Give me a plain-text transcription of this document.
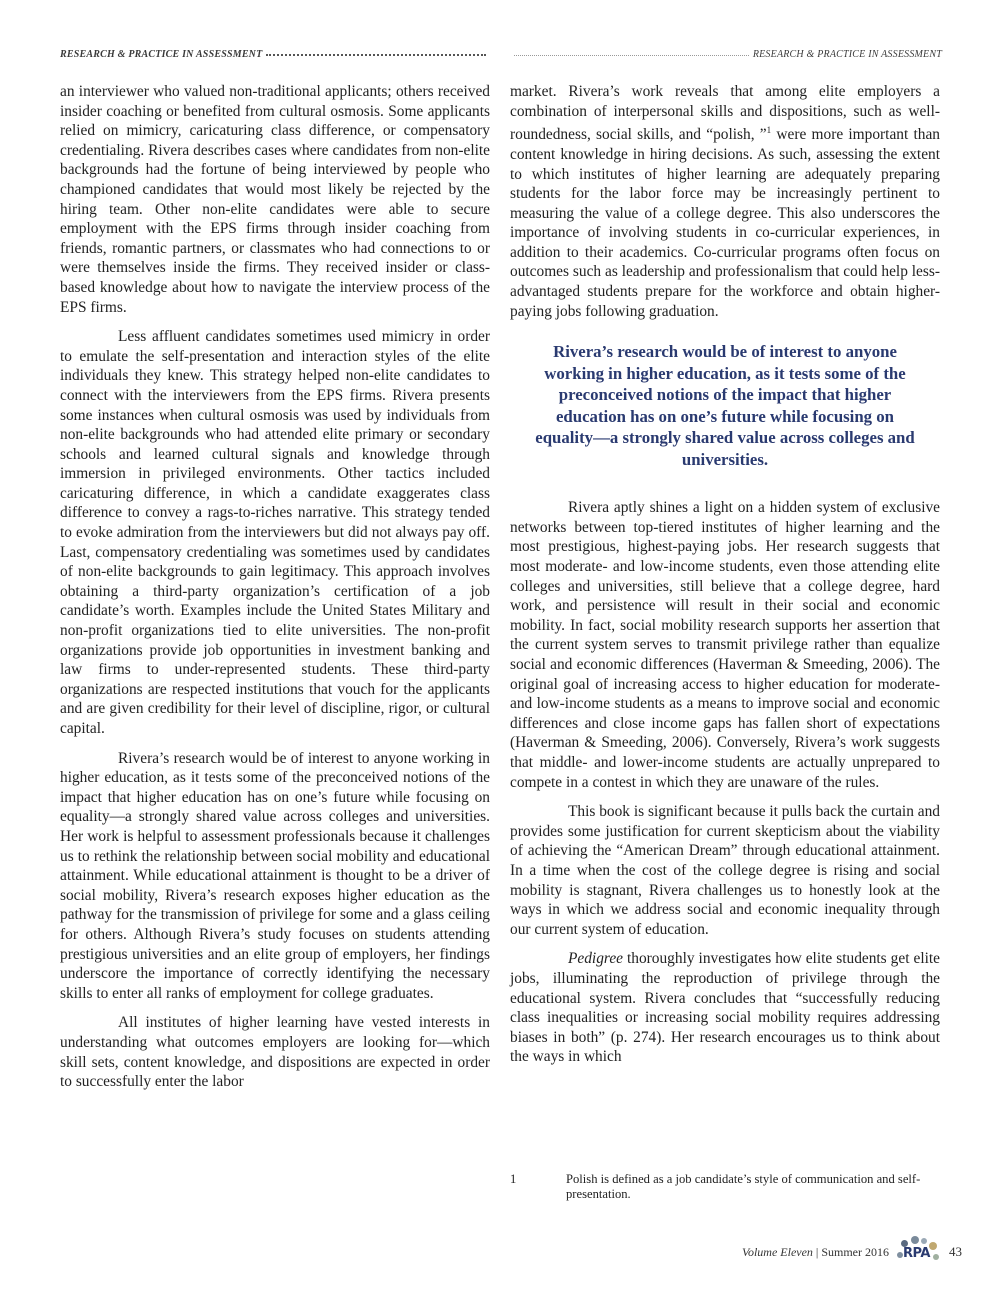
RESEARCH & PRACTICE IN ASSESSMENT	RESEARCH & PRACTICE IN ASSESSMENT

an interviewer who valued non-traditional applicants; others received insider coaching or benefited from cultural osmosis. Some applicants relied on mimicry, caricaturing class difference, or compensatory credentialing. Rivera describes cases where candidates from non-elite backgrounds had the fortune of being interviewed by people who championed candidates that would most likely be rejected by the hiring team. Other non-elite candidates were able to secure employment with the EPS firms through insider coaching from friends, romantic partners, or classmates who had connections to or were themselves inside the firms. They received insider or class-based knowledge about how to navigate the interview process of the EPS firms.

Less affluent candidates sometimes used mimicry in order to emulate the self-presentation and interaction styles of the elite individuals they knew. This strategy helped non-elite candidates to connect with the interviewers from the EPS firms. Rivera presents some instances when cultural osmosis was used by individuals from non-elite backgrounds who had attended elite primary or secondary schools and learned cultural signals and knowledge through immersion in privileged environments. Other tactics included caricaturing difference, in which a candidate exaggerates class difference to convey a rags-to-riches narrative. This strategy tended to evoke admiration from the interviewers but did not always pay off. Last, compensatory credentialing was sometimes used by candidates of non-elite backgrounds to gain legitimacy. This approach involves obtaining a third-party organization’s certification of a job candidate’s worth. Examples include the United States Military and non-profit organizations tied to elite universities. The non-profit organizations provide job opportunities in investment banking and law firms to under-represented students. These third-party organizations are respected institutions that vouch for the applicants and are given credibility for their level of discipline, rigor, or cultural capital.

Rivera’s research would be of interest to anyone working in higher education, as it tests some of the preconceived notions of the impact that higher education has on one’s future while focusing on equality—a strongly shared value across colleges and universities. Her work is helpful to assessment professionals because it challenges us to rethink the relationship between social mobility and educational attainment. While educational attainment is thought to be a driver of social mobility, Rivera’s research exposes higher education as the pathway for the transmission of privilege for some and a glass ceiling for others. Although Rivera’s study focuses on students attending prestigious universities and an elite group of employers, her findings underscore the importance of correctly identifying the necessary skills to enter all ranks of employment for college graduates.

All institutes of higher learning have vested interests in understanding what outcomes employers are looking for—which skill sets, content knowledge, and dispositions are expected in order to successfully enter the labor

market. Rivera’s work reveals that among elite employers a combination of interpersonal skills and dispositions, such as well-roundedness, social skills, and “polish, ”$^1$ were more important than content knowledge in hiring decisions. As such, assessing the extent to which institutes of higher learning are adequately preparing students for the labor force may be increasingly pertinent to measuring the value of a college degree. This also underscores the importance of involving students in co-curricular experiences, in addition to their academics. Co-curricular programs often focus on outcomes such as leadership and professionalism that could help less-advantaged students prepare for the workforce and obtain higher-paying jobs following graduation.

Rivera’s research would be of interest to anyone working in higher education, as it tests some of the preconceived notions of the impact that higher education has on one’s future while focusing on equality—a strongly shared value across colleges and universities.

Rivera aptly shines a light on a hidden system of exclusive networks between top-tiered institutes of higher learning and the most prestigious, highest-paying jobs. Her research suggests that most moderate- and low-income students, even those attending elite colleges and universities, still believe that a college degree, hard work, and persistence will result in their social and economic mobility. In fact, social mobility research supports her assertion that the current system serves to transmit privilege rather than equalize social and economic differences (Haverman & Smeeding, 2006). The original goal of increasing access to higher education for moderate- and low-income students as a means to improve social and economic differences and close income gaps has fallen short of expectations (Haverman & Smeeding, 2006). Conversely, Rivera’s work suggests that middle- and lower-income students are actually unprepared to compete in a contest in which they are unaware of the rules.

This book is significant because it pulls back the curtain and provides some justification for current skepticism about the viability of achieving the “American Dream” through educational attainment. In a time when the cost of the college degree is rising and social mobility is stagnant, Rivera challenges us to honestly look at the ways in which we address social and economic inequality through our current system of education.

Pedigree thoroughly investigates how elite students get elite jobs, illuminating the reproduction of privilege through the educational system. Rivera concludes that “successfully reducing class inequalities or increasing social mobility requires addressing biases in both” (p. 274). Her research encourages us to think about the ways in which

1	Polish is defined as a job candidate’s style of communication and self-presentation.
Volume Eleven | Summer 2016 RPA 43
